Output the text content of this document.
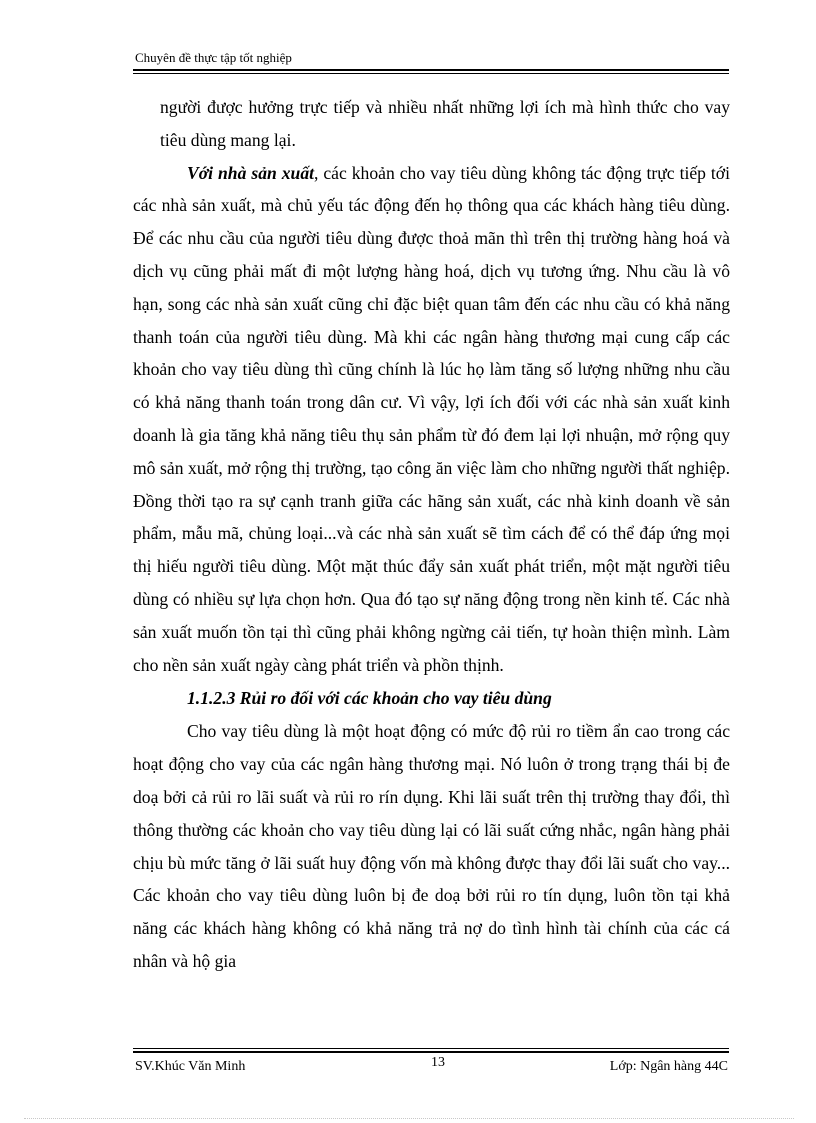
Chuyên đề thực tập tốt nghiệp

người được hưởng trực tiếp và nhiều nhất những lợi ích mà hình thức cho vay tiêu dùng mang lại.

Với nhà sản xuất, các khoản cho vay tiêu dùng không tác động trực tiếp tới các nhà sản xuất, mà chủ yếu tác động đến họ thông qua các khách hàng tiêu dùng. Để các nhu cầu của người tiêu dùng được thoả mãn thì trên thị trường hàng hoá và dịch vụ cũng phải mất đi một lượng hàng hoá, dịch vụ tương ứng. Nhu cầu là vô hạn, song các nhà sản xuất cũng chỉ đặc biệt quan tâm đến các nhu cầu có khả năng thanh toán của người tiêu dùng. Mà khi các ngân hàng thương mại cung cấp các khoản cho vay tiêu dùng thì cũng chính là lúc họ làm tăng số lượng những nhu cầu có khả năng thanh toán trong dân cư. Vì vậy, lợi ích đối với các nhà sản xuất kinh doanh là gia tăng khả năng tiêu thụ sản phẩm từ đó đem lại lợi nhuận, mở rộng quy mô sản xuất, mở rộng thị trường, tạo công ăn việc làm cho những người thất nghiệp. Đồng thời tạo ra sự cạnh tranh giữa các hãng sản xuất, các nhà kinh doanh về sản phẩm, mẫu mã, chủng loại...và các nhà sản xuất sẽ tìm cách để có thể đáp ứng mọi thị hiếu người tiêu dùng. Một mặt thúc đẩy sản xuất phát triển, một mặt người tiêu dùng có nhiều sự lựa chọn hơn. Qua đó tạo sự năng động trong nền kinh tế. Các nhà sản xuất muốn tồn tại thì cũng phải không ngừng cải tiến, tự hoàn thiện mình. Làm cho nền sản xuất ngày càng phát triển và phồn thịnh.

1.1.2.3 Rủi ro đối với các khoản cho vay tiêu dùng

Cho vay tiêu dùng là một hoạt động có mức độ rủi ro tiềm ẩn cao trong các hoạt động cho vay của các ngân hàng thương mại. Nó luôn ở trong trạng thái bị đe doạ bởi cả rủi ro lãi suất và rủi ro rín dụng. Khi lãi suất trên thị trường thay đổi, thì thông thường các khoản cho vay tiêu dùng lại có lãi suất cứng nhắc, ngân hàng phải chịu bù mức tăng ở lãi suất huy động vốn mà không được thay đổi lãi suất cho vay... Các khoản cho vay tiêu dùng luôn bị đe doạ bởi rủi ro tín dụng, luôn tồn tại khả năng các khách hàng không có khả năng trả nợ do tình hình tài chính của các cá nhân và hộ gia

SV.Khúc Văn Minh	13	Lớp: Ngân hàng 44C
